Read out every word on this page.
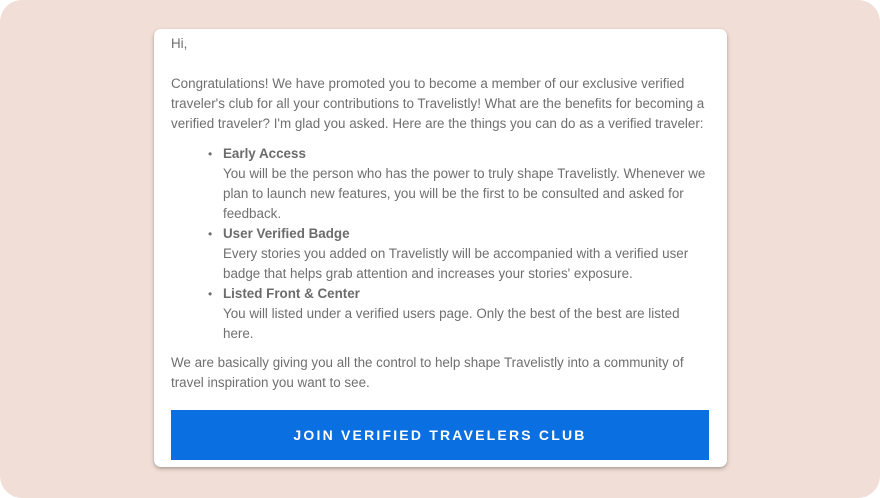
Hi,

Congratulations! We have promoted you to become a member of our exclusive verified traveler's club for all your contributions to Travelistly! What are the benefits for becoming a verified traveler? I'm glad you asked. Here are the things you can do as a verified traveler:

• Early Access
You will be the person who has the power to truly shape Travelistly. Whenever we plan to launch new features, you will be the first to be consulted and asked for feedback.
• User Verified Badge
Every stories you added on Travelistly will be accompanied with a verified user badge that helps grab attention and increases your stories' exposure.
• Listed Front & Center
You will listed under a verified users page. Only the best of the best are listed here.

We are basically giving you all the control to help shape Travelistly into a community of travel inspiration you want to see.

JOIN VERIFIED TRAVELERS CLUB
